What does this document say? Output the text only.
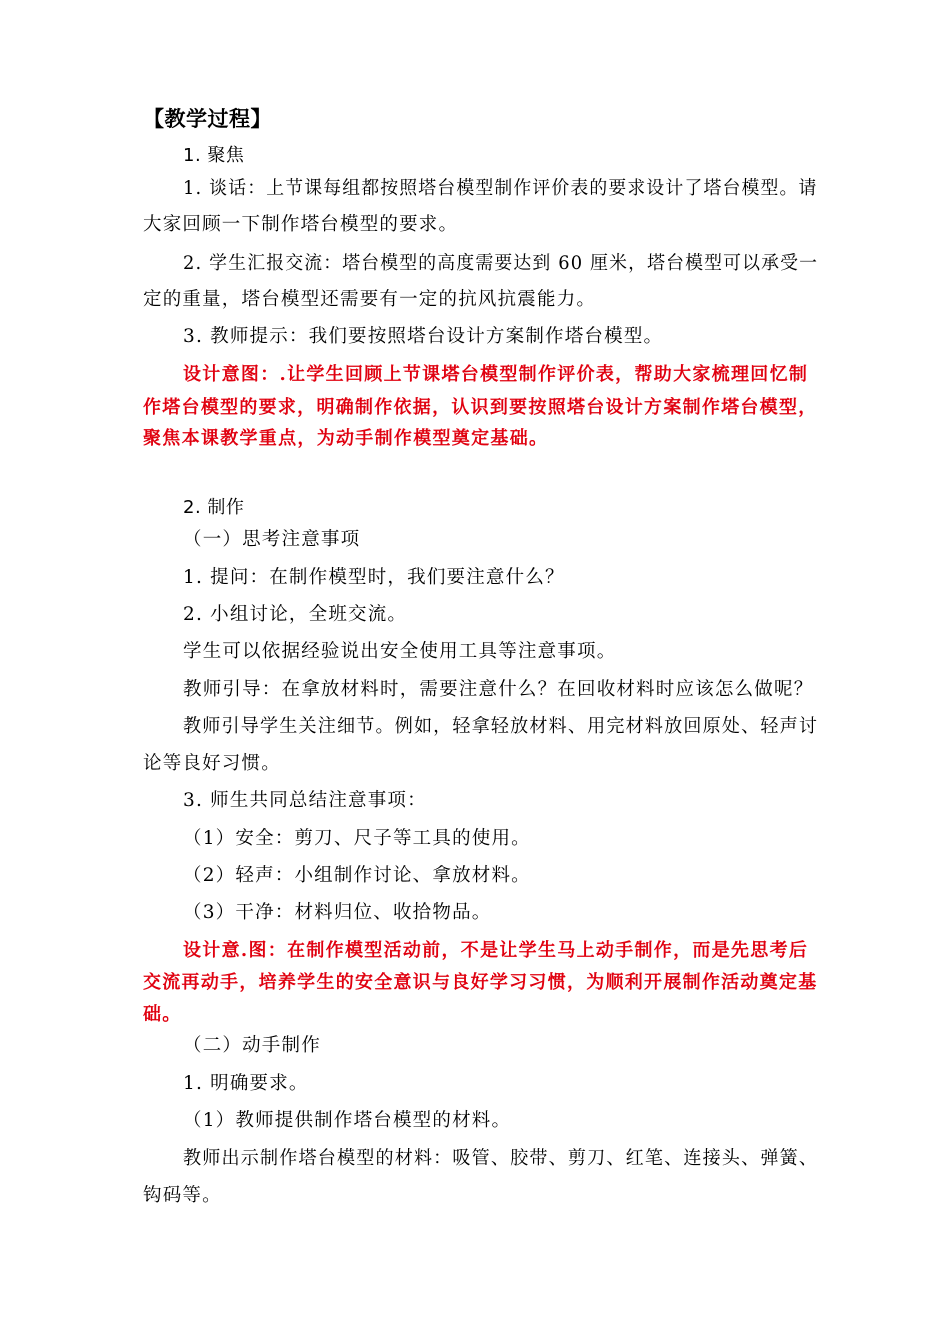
【教学过程】
1. 聚焦
1. 谈话：上节课每组都按照塔台模型制作评价表的要求设计了塔台模型。请
大家回顾一下制作塔台模型的要求。
2. 学生汇报交流：塔台模型的高度需要达到 60 厘米，塔台模型可以承受一
定的重量，塔台模型还需要有一定的抗风抗震能力。
3. 教师提示：我们要按照塔台设计方案制作塔台模型。
设计意图：.让学生回顾上节课塔台模型制作评价表，帮助大家梳理回忆制
作塔台模型的要求，明确制作依据，认识到要按照塔台设计方案制作塔台模型，
聚焦本课教学重点，为动手制作模型奠定基础。
2. 制作
（一）思考注意事项
1. 提问：在制作模型时，我们要注意什么？
2. 小组讨论，全班交流。
学生可以依据经验说出安全使用工具等注意事项。
教师引导：在拿放材料时，需要注意什么？在回收材料时应该怎么做呢？
教师引导学生关注细节。例如，轻拿轻放材料、用完材料放回原处、轻声讨
论等良好习惯。
3. 师生共同总结注意事项：
（1）安全：剪刀、尺子等工具的使用。
（2）轻声：小组制作讨论、拿放材料。
（3）干净：材料归位、收拾物品。
设计意.图：在制作模型活动前，不是让学生马上动手制作，而是先思考后
交流再动手，培养学生的安全意识与良好学习习惯，为顺利开展制作活动奠定基
础。
（二）动手制作
1. 明确要求。
（1）教师提供制作塔台模型的材料。
教师出示制作塔台模型的材料：吸管、胶带、剪刀、红笔、连接头、弹簧、
钩码等。
